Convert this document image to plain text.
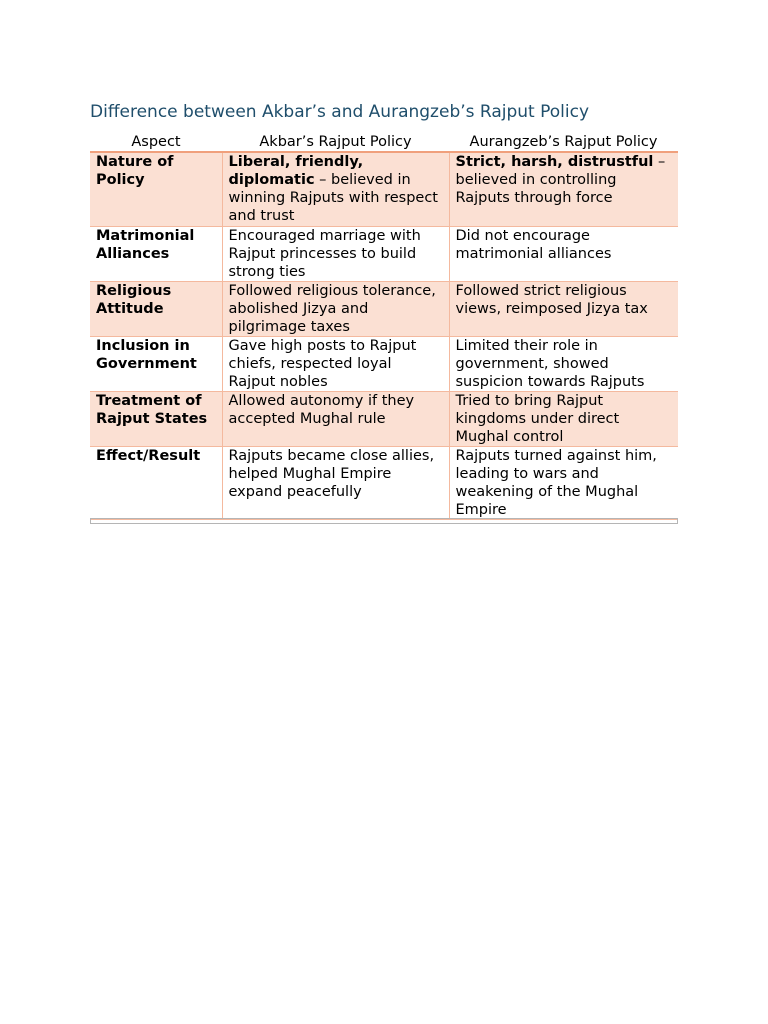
Difference between Akbar’s and Aurangzeb’s Rajput Policy
Aspect	Akbar’s Rajput Policy	Aurangzeb’s Rajput Policy
Nature of Policy	Liberal, friendly, diplomatic – believed in winning Rajputs with respect and trust	Strict, harsh, distrustful – believed in controlling Rajputs through force
Matrimonial Alliances	Encouraged marriage with Rajput princesses to build strong ties	Did not encourage matrimonial alliances
Religious Attitude	Followed religious tolerance, abolished Jizya and pilgrimage taxes	Followed strict religious views, reimposed Jizya tax
Inclusion in Government	Gave high posts to Rajput chiefs, respected loyal Rajput nobles	Limited their role in government, showed suspicion towards Rajputs
Treatment of Rajput States	Allowed autonomy if they accepted Mughal rule	Tried to bring Rajput kingdoms under direct Mughal control
Effect/Result	Rajputs became close allies, helped Mughal Empire expand peacefully	Rajputs turned against him, leading to wars and weakening of the Mughal Empire
